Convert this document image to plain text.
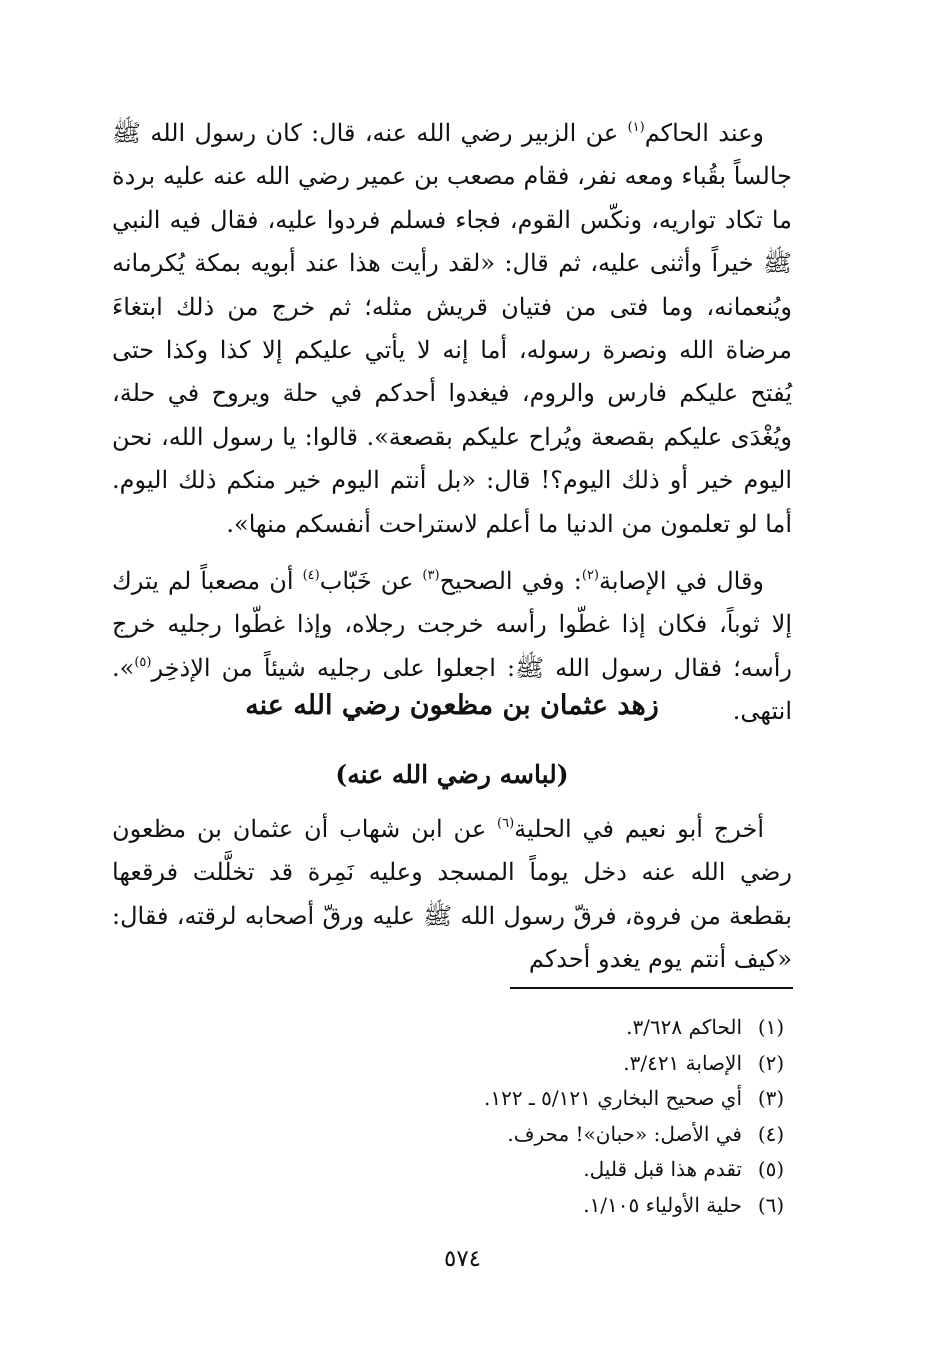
وعند الحاكم$^{(١)}$ عن الزبير رضي الله عنه، قال: كان رسول الله ﷺ جالساً بقُباء ومعه نفر، فقام مصعب بن عمير رضي الله عنه عليه بردة ما تكاد تواريه، ونكّس القوم، فجاء فسلم فردوا عليه، فقال فيه النبي ﷺ خيراً وأثنى عليه، ثم قال: «لقد رأيت هذا عند أبويه بمكة يُكرمانه ويُنعمانه، وما فتى من فتيان قريش مثله؛ ثم خرج من ذلك ابتغاءَ مرضاة الله ونصرة رسوله، أما إنه لا يأتي عليكم إلا كذا وكذا حتى يُفتح عليكم فارس والروم، فيغدوا أحدكم في حلة ويروح في حلة، ويُغْدَى عليكم بقصعة ويُراح عليكم بقصعة». قالوا: يا رسول الله، نحن اليوم خير أو ذلك اليوم؟! قال: «بل أنتم اليوم خير منكم ذلك اليوم. أما لو تعلمون من الدنيا ما أعلم لاستراحت أنفسكم منها».

وقال في الإصابة$^{(٢)}$: وفي الصحيح$^{(٣)}$ عن خَبّاب$^{(٤)}$ أن مصعباً لم يترك إلا ثوباً، فكان إذا غطّوا رأسه خرجت رجلاه، وإذا غطّوا رجليه خرج رأسه؛ فقال رسول الله ﷺ: اجعلوا على رجليه شيئاً من الإذخِر$^{(٥)}$». انتهى.

زهد عثمان بن مظعون رضي الله عنه
(لباسه رضي الله عنه)

أخرج أبو نعيم في الحلية$^{(٦)}$ عن ابن شهاب أن عثمان بن مظعون رضي الله عنه دخل يوماً المسجد وعليه نَمِرة قد تخلَّلت فرقعها بقطعة من فروة، فرقّ رسول الله ﷺ عليه ورقّ أصحابه لرقته، فقال: «كيف أنتم يوم يغدو أحدكم

(١)
الحاكم ٣/٦٢٨.
(٢)
الإصابة ٣/٤٢١.
(٣)
أي صحيح البخاري ٥/١٢١ ـ ١٢٢.
(٤)
في الأصل: «حبان»! محرف.
(٥)
تقدم هذا قبل قليل.
(٦)
حلية الأولياء ١/١٠٥.
٥٧٤
